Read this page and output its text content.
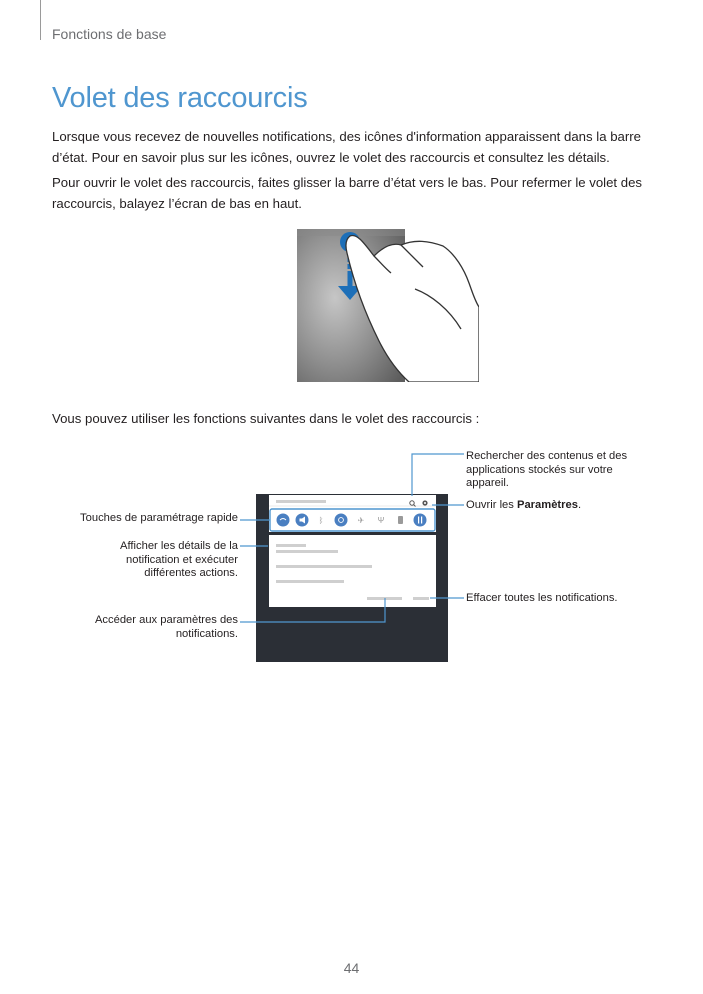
Fonctions de base
Volet des raccourcis

Lorsque vous recevez de nouvelles notifications, des icônes d'information apparaissent dans la barre d’état. Pour en savoir plus sur les icônes, ouvrez le volet des raccourcis et consultez les détails.

Pour ouvrir le volet des raccourcis, faites glisser la barre d’état vers le bas. Pour refermer le volet des raccourcis, balayez l’écran de bas en haut.

Vous pouvez utiliser les fonctions suivantes dans le volet des raccourcis :

ᛒ	✈ Ψ
Rechercher des contenus et des applications stockés sur votre appareil.
Ouvrir les Paramètres.
Effacer toutes les notifications.
Touches de paramétrage rapide
Afficher les détails de la notification et exécuter différentes actions.
Accéder aux paramètres des notifications.
44
